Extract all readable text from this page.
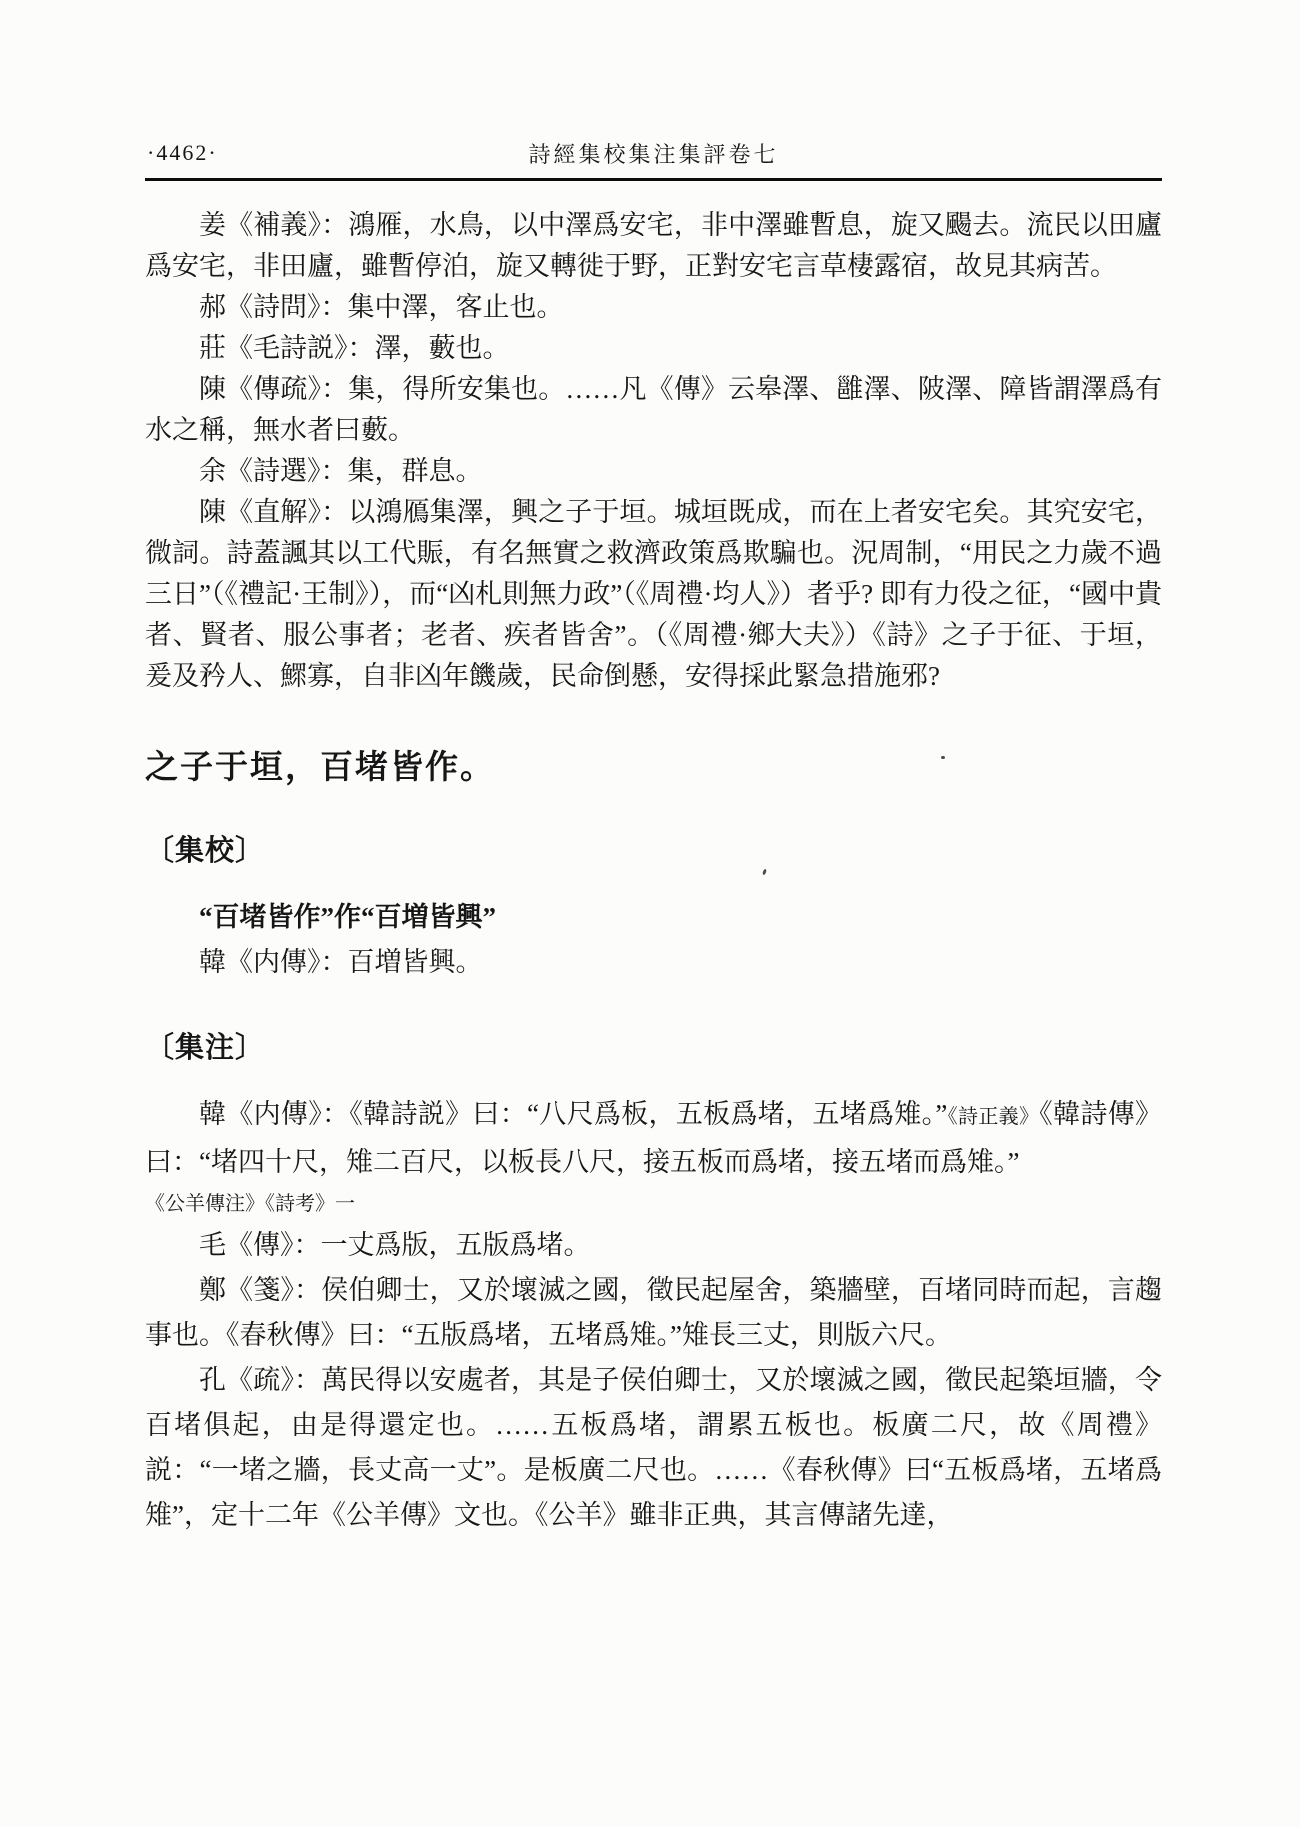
·4462·	詩經集校集注集評卷七

姜《補義》：鴻雁，水鳥，以中澤爲安宅，非中澤雖暫息，旋又颺去。流民以田廬爲安宅，非田廬，雖暫停泊，旋又轉徙于野，正對安宅言草棲露宿，故見其病苦。

郝《詩問》：集中澤，客止也。

莊《毛詩説》：澤，藪也。

陳《傳疏》：集，得所安集也。……凡《傳》云皋澤、雝澤、陂澤、障皆謂澤爲有水之稱，無水者曰藪。

余《詩選》：集，群息。

陳《直解》：以鴻鴈集澤，興之子于垣。城垣既成，而在上者安宅矣。其究安宅，微詞。詩蓋諷其以工代賑，有名無實之救濟政策爲欺騙也。況周制，“用民之力歲不過三日”（《禮記·王制》），而“凶札則無力政”（《周禮·均人》）者乎? 即有力役之征，“國中貴者、賢者、服公事者；老者、疾者皆舍”。（《周禮·鄉大夫》）《詩》之子于征、于垣，爰及矜人、鰥寡，自非凶年饑歲，民命倒懸，安得採此緊急措施邪?

之子于垣，百堵皆作。
〔集校〕

“百堵皆作”作“百増皆興”

韓《内傳》：百増皆興。

〔集注〕

韓《内傳》：《韓詩説》曰：“八尺爲板，五板爲堵，五堵爲雉。”《詩正義》《韓詩傳》曰：“堵四十尺，雉二百尺，以板長八尺，接五板而爲堵，接五堵而爲雉。”

《公羊傳注》《詩考》一

毛《傳》：一丈爲版，五版爲堵。

鄭《箋》：侯伯卿士，又於壞滅之國，徵民起屋舍，築牆壁，百堵同時而起，言趨事也。《春秋傳》曰：“五版爲堵，五堵爲雉。”雉長三丈，則版六尺。

孔《疏》：萬民得以安處者，其是子侯伯卿士，又於壞滅之國，徵民起築垣牆，令百堵俱起，由是得還定也。……五板爲堵，謂累五板也。板廣二尺，故《周禮》説：“一堵之牆，長丈高一丈”。是板廣二尺也。……《春秋傳》曰“五板爲堵，五堵爲雉”，定十二年《公羊傳》文也。《公羊》雖非正典，其言傳諸先達，
